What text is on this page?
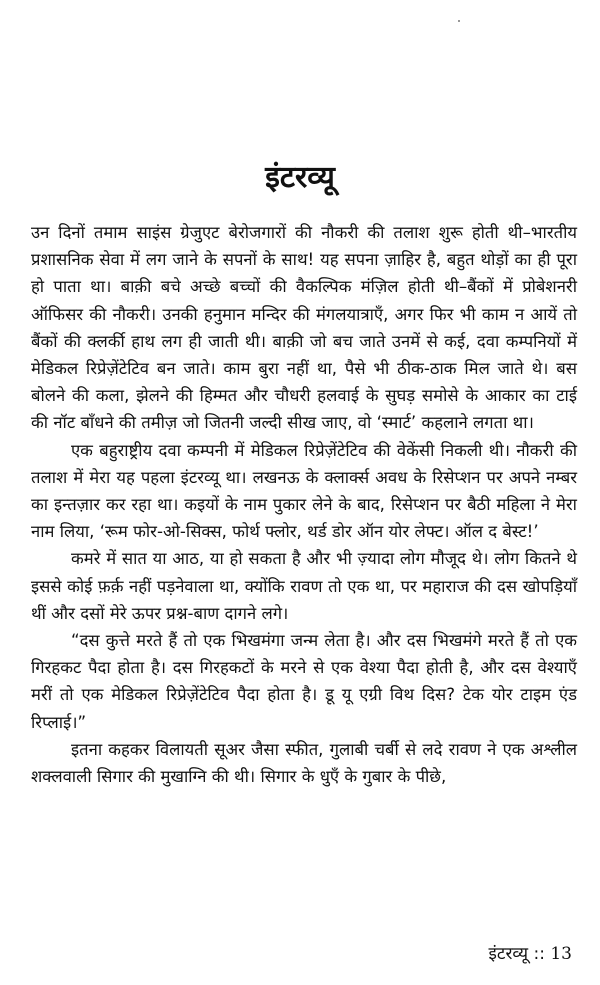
इंटरव्यू

उन दिनों तमाम साइंस ग्रेजुएट बेरोजगारों की नौकरी की तलाश शुरू होती थी–भारतीय प्रशासनिक सेवा में लग जाने के सपनों के साथ! यह सपना ज़ाहिर है, बहुत थोड़ों का ही पूरा हो पाता था। बाक़ी बचे अच्छे बच्चों की वैकल्पिक मंज़िल होती थी–बैंकों में प्रोबेशनरी ऑफिसर की नौकरी। उनकी हनुमान मन्दिर की मंगलयात्राएँ, अगर फिर भी काम न आयें तो बैंकों की क्लर्की हाथ लग ही जाती थी। बाक़ी जो बच जाते उनमें से कई, दवा कम्पनियों में मेडिकल रिप्रेज़ेंटेटिव बन जाते। काम बुरा नहीं था, पैसे भी ठीक-ठाक मिल जाते थे। बस बोलने की कला, झेलने की हिम्मत और चौधरी हलवाई के सुघड़ समोसे के आकार का टाई की नॉट बाँधने की तमीज़ जो जितनी जल्दी सीख जाए, वो ‘स्मार्ट’ कहलाने लगता था।

एक बहुराष्ट्रीय दवा कम्पनी में मेडिकल रिप्रेज़ेंटेटिव की वेकेंसी निकली थी। नौकरी की तलाश में मेरा यह पहला इंटरव्यू था। लखनऊ के क्लार्क्स अवध के रिसेप्शन पर अपने नम्बर का इन्तज़ार कर रहा था। कइयों के नाम पुकार लेने के बाद, रिसेप्शन पर बैठी महिला ने मेरा नाम लिया, ‘रूम फोर-ओ-सिक्स, फोर्थ फ्लोर, थर्ड डोर ऑन योर लेफ्ट। ऑल द बेस्ट!’

कमरे में सात या आठ, या हो सकता है और भी ज़्यादा लोग मौजूद थे। लोग कितने थे इससे कोई फ़र्क़ नहीं पड़नेवाला था, क्योंकि रावण तो एक था, पर महाराज की दस खोपड़ियाँ थीं और दसों मेरे ऊपर प्रश्न-बाण दागने लगे।

“दस कुत्ते मरते हैं तो एक भिखमंगा जन्म लेता है। और दस भिखमंगे मरते हैं तो एक गिरहकट पैदा होता है। दस गिरहकटों के मरने से एक वेश्या पैदा होती है, और दस वेश्याएँ मरीं तो एक मेडिकल रिप्रेज़ेंटेटिव पैदा होता है। डू यू एग्री विथ दिस? टेक योर टाइम एंड रिप्लाई।”

इतना कहकर विलायती सूअर जैसा स्फीत, गुलाबी चर्बी से लदे रावण ने एक अश्लील शक्लवाली सिगार की मुखाग्नि की थी। सिगार के धुएँ के गुबार के पीछे,

इंटरव्यू :: 13
